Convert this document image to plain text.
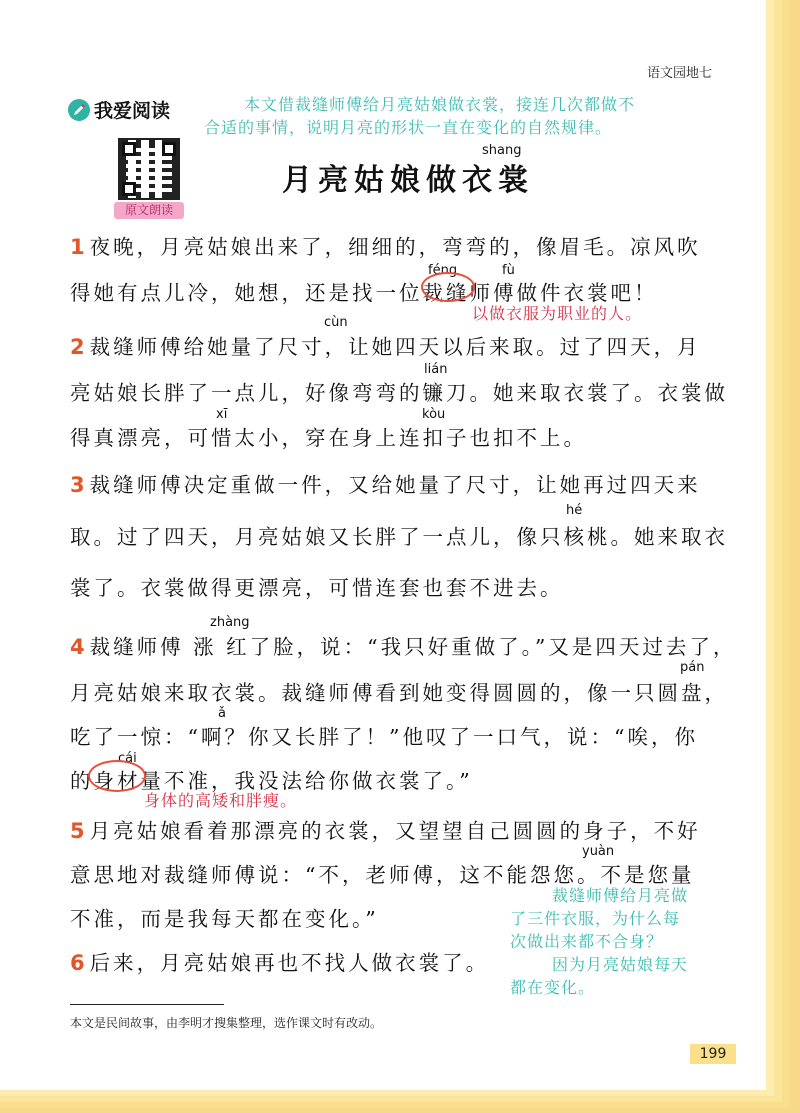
语文园地七
我爱阅读
原文朗读
本文借裁缝师傅给月亮姑娘做衣裳，接连几次都做不
合适的事情，说明月亮的形状一直在变化的自然规律。
shang
月亮姑娘做衣裳
1夜晚，月亮姑娘出来了，细细的，弯弯的，像眉毛。凉风吹
féng	fù
得她有点儿冷，她想，还是找一位裁缝师傅做件衣裳吧！
以做衣服为职业的人。
cùn
2裁缝师傅给她量了尺寸，让她四天以后来取。过了四天，月
lián
亮姑娘长胖了一点儿，好像弯弯的镰刀。她来取衣裳了。衣裳做
xī	kòu
得真漂亮，可惜太小，穿在身上连扣子也扣不上。
3裁缝师傅决定重做一件，又给她量了尺寸，让她再过四天来
hé
取。过了四天，月亮姑娘又长胖了一点儿，像只核桃。她来取衣
裳了。衣裳做得更漂亮，可惜连套也套不进去。
zhàng
4裁缝师傅 涨 红了脸，说：“我只好重做了。”又是四天过去了，
pán
月亮姑娘来取衣裳。裁缝师傅看到她变得圆圆的，像一只圆盘，
ǎ
吃了一惊：“啊？你又长胖了！”他叹了一口气，说：“唉，你
cái
的身材量不准，我没法给你做衣裳了。”
身体的高矮和胖瘦。
5月亮姑娘看着那漂亮的衣裳，又望望自己圆圆的身子，不好
yuàn
意思地对裁缝师傅说：“不，老师傅，这不能怨您。不是您量
不准，而是我每天都在变化。”
裁缝师傅给月亮做
了三件衣服，为什么每
次做出来都不合身？
因为月亮姑娘每天
都在变化。
6后来，月亮姑娘再也不找人做衣裳了。
本文是民间故事，由李明才搜集整理，选作课文时有改动。
199
